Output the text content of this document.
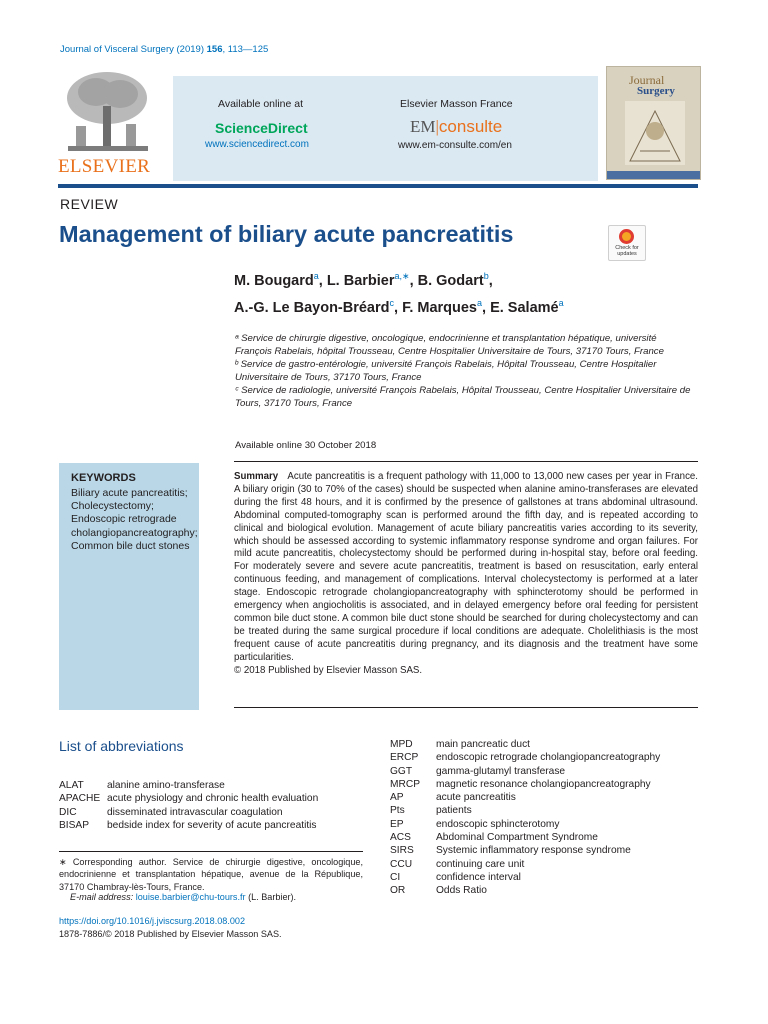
Journal of Visceral Surgery (2019) 156, 113—125
ELSEVIER
Available online at
ScienceDirect
www.sciencedirect.com
Elsevier Masson France
EM|consulte
www.em-consulte.com/en
Journal
Surgery
REVIEW
Management of biliary acute pancreatitis
Check for updates
M. Bougard$^a$, L. Barbier$^{a,∗}$, B. Godart$^b$,
A.-G. Le Bayon-Bréard$^c$, F. Marques$^a$, E. Salamé$^a$

ᵃ Service de chirurgie digestive, oncologique, endocrinienne et transplantation hépatique, université François Rabelais, hôpital Trousseau, Centre Hospitalier Universitaire de Tours, 37170 Tours, France

ᵇ Service de gastro-entérologie, université François Rabelais, Hôpital Trousseau, Centre Hospitalier Universitaire de Tours, 37170 Tours, France

ᶜ Service de radiologie, université François Rabelais, Hôpital Trousseau, Centre Hospitalier Universitaire de Tours, 37170 Tours, France

Available online 30 October 2018
KEYWORDS
Biliary acute pancreatitis;
Cholecystectomy;
Endoscopic retrograde cholangiopancreatography;
Common bile duct stones
Summary Acute pancreatitis is a frequent pathology with 11,000 to 13,000 new cases per year in France. A biliary origin (30 to 70% of the cases) should be suspected when alanine amino-transferases are elevated during the first 48 hours, and it is confirmed by the presence of gallstones at trans abdominal ultrasound. Abdominal computed-tomography scan is performed around the fifth day, and is repeated according to clinical and biological evolution. Management of acute biliary pancreatitis varies according to its severity, which should be assessed according to systemic inflammatory response syndrome and organ failures. For mild acute pancreatitis, cholecystectomy should be performed during in-hospital stay, before oral feeding. For moderately severe and severe acute pancreatitis, treatment is based on resuscitation, early enteral continuous feeding, and management of complications. Interval cholecystectomy is performed at a later stage. Endoscopic retrograde cholangiopancreatography with sphincterotomy should be performed in emergency when angiocholitis is associated, and in delayed emergency before oral feeding for persistent common bile duct stone. A common bile duct stone should be searched for during cholecystectomy and can be treated during the same surgical procedure if local conditions are adequate. Cholelithiasis is the most frequent cause of acute pancreatitis during pregnancy, and its diagnosis and the treatment have some particularities.
© 2018 Published by Elsevier Masson SAS.
List of abbreviations
ALAT	alanine amino-transferase
APACHE acute physiology and chronic health evaluation
DIC	disseminated intravascular coagulation
BISAP	bedside index for severity of acute pancreatitis
MPD	main pancreatic duct
ERCP	endoscopic retrograde cholangiopancreatography
GGT	gamma-glutamyl transferase
MRCP	magnetic resonance cholangiopancreatography
AP	acute pancreatitis
Pts	patients
EP	endoscopic sphincterotomy
ACS	Abdominal Compartment Syndrome
SIRS	Systemic inflammatory response syndrome
CCU	continuing care unit
CI	confidence interval
OR	Odds Ratio
∗ Corresponding author. Service de chirurgie digestive, oncologique, endocrinienne et transplantation hépatique, avenue de la République, 37170 Chambray-lès-Tours, France.
E-mail address: louise.barbier@chu-tours.fr (L. Barbier).
https://doi.org/10.1016/j.jviscsurg.2018.08.002
1878-7886/© 2018 Published by Elsevier Masson SAS.
